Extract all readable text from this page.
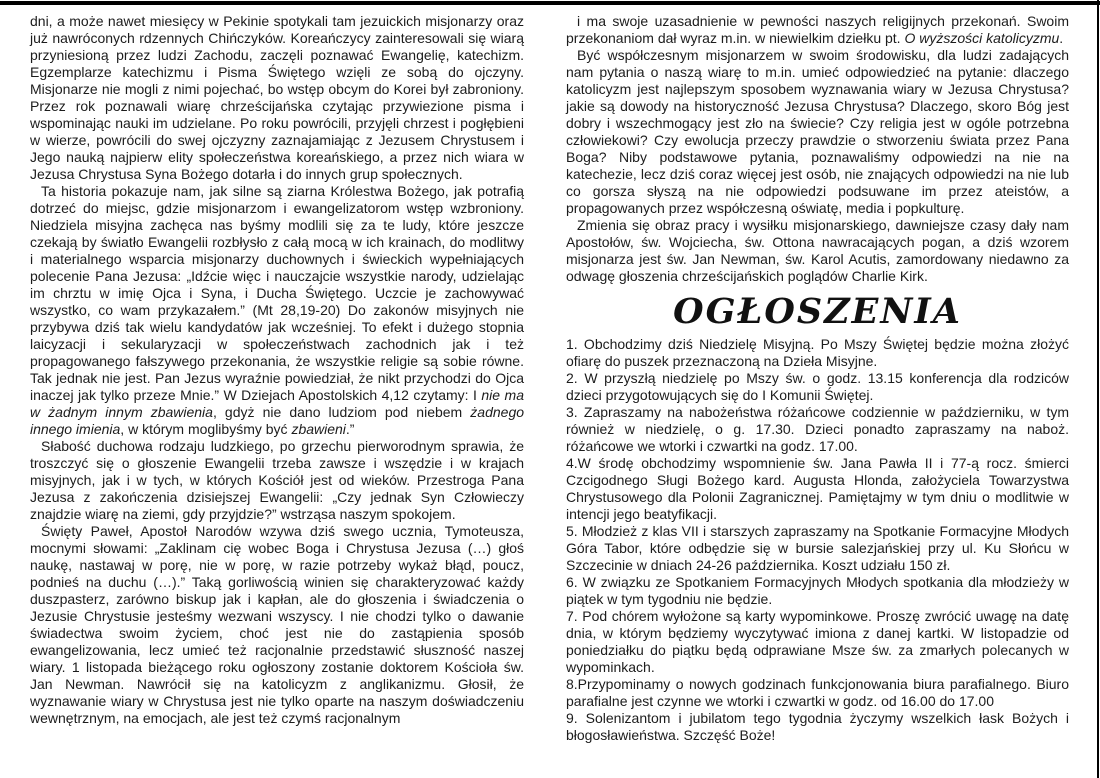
dni, a może nawet miesięcy w Pekinie spotykali tam jezuickich misjonarzy oraz już nawróconych rdzennych Chińczyków. Koreańczycy zainteresowali się wiarą przyniesioną przez ludzi Zachodu, zaczęli poznawać Ewangelię, katechizm. Egzemplarze katechizmu i Pisma Świętego wzięli ze sobą do ojczyny. Misjonarze nie mogli z nimi pojechać, bo wstęp obcym do Korei był zabroniony. Przez rok poznawali wiarę chrześcijańska czytając przywiezione pisma i wspominając nauki im udzielane. Po roku powrócili, przyjęli chrzest i pogłębieni w wierze, powrócili do swej ojczyzny zaznajamiając z Jezusem Chrystusem i Jego nauką najpierw elity społeczeństwa koreańskiego, a przez nich wiara w Jezusa Chrystusa Syna Bożego dotarła i do innych grup społecznych.

Ta historia pokazuje nam, jak silne są ziarna Królestwa Bożego, jak potrafią dotrzeć do miejsc, gdzie misjonarzom i ewangelizatorom wstęp wzbroniony. Niedziela misyjna zachęca nas byśmy modlili się za te ludy, które jeszcze czekają by światło Ewangelii rozbłysło z całą mocą w ich krainach, do modlitwy i materialnego wsparcia misjonarzy duchownych i świeckich wypełniających polecenie Pana Jezusa: „Idźcie więc i nauczajcie wszystkie narody, udzielając im chrztu w imię Ojca i Syna, i Ducha Świętego. Uczcie je zachowywać wszystko, co wam przykazałem.” (Mt 28,19-20) Do zakonów misyjnych nie przybywa dziś tak wielu kandydatów jak wcześniej. To efekt i dużego stopnia laicyzacji i sekularyzacji w społeczeństwach zachodnich jak i też propagowanego fałszywego przekonania, że wszystkie religie są sobie równe. Tak jednak nie jest. Pan Jezus wyraźnie powiedział, że nikt przychodzi do Ojca inaczej jak tylko przeze Mnie.” W Dziejach Apostolskich 4,12 czytamy: I nie ma w żadnym innym zbawienia, gdyż nie dano ludziom pod niebem żadnego innego imienia, w którym moglibyśmy być zbawieni.”

Słabość duchowa rodzaju ludzkiego, po grzechu pierworodnym sprawia, że troszczyć się o głoszenie Ewangelii trzeba zawsze i wszędzie i w krajach misyjnych, jak i w tych, w których Kościół jest od wieków. Przestroga Pana Jezusa z zakończenia dzisiejszej Ewangelii: „Czy jednak Syn Człowieczy znajdzie wiarę na ziemi, gdy przyjdzie?” wstrząsa naszym spokojem.

Święty Paweł, Apostoł Narodów wzywa dziś swego ucznia, Tymoteusza, mocnymi słowami: „Zaklinam cię wobec Boga i Chrystusa Jezusa (…) głoś naukę, nastawaj w porę, nie w porę, w razie potrzeby wykaż błąd, poucz, podnieś na duchu (…).” Taką gorliwością winien się charakteryzować każdy duszpasterz, zarówno biskup jak i kapłan, ale do głoszenia i świadczenia o Jezusie Chrystusie jesteśmy wezwani wszyscy. I nie chodzi tylko o dawanie świadectwa swoim życiem, choć jest nie do zastąpienia sposób ewangelizowania, lecz umieć też racjonalnie przedstawić słuszność naszej wiary. 1 listopada bieżącego roku ogłoszony zostanie doktorem Kościoła św. Jan Newman. Nawrócił się na katolicyzm z anglikanizmu. Głosił, że wyznawanie wiary w Chrystusa jest nie tylko oparte na naszym doświadczeniu wewnętrznym, na emocjach, ale jest też czymś racjonalnym

i ma swoje uzasadnienie w pewności naszych religijnych przekonań. Swoim przekonaniom dał wyraz m.in. w niewielkim dziełku pt. O wyższości katolicyzmu.

Być współczesnym misjonarzem w swoim środowisku, dla ludzi zadających nam pytania o naszą wiarę to m.in. umieć odpowiedzieć na pytanie: dlaczego katolicyzm jest najlepszym sposobem wyznawania wiary w Jezusa Chrystusa? jakie są dowody na historyczność Jezusa Chrystusa? Dlaczego, skoro Bóg jest dobry i wszechmogący jest zło na świecie? Czy religia jest w ogóle potrzebna człowiekowi? Czy ewolucja przeczy prawdzie o stworzeniu świata przez Pana Boga? Niby podstawowe pytania, poznawaliśmy odpowiedzi na nie na katechezie, lecz dziś coraz więcej jest osób, nie znających odpowiedzi na nie lub co gorsza słyszą na nie odpowiedzi podsuwane im przez ateistów, a propagowanych przez współczesną oświatę, media i popkulturę.

Zmienia się obraz pracy i wysiłku misjonarskiego, dawniejsze czasy dały nam Apostołów, św. Wojciecha, św. Ottona nawracających pogan, a dziś wzorem misjonarza jest św. Jan Newman, św. Karol Acutis, zamordowany niedawno za odwagę głoszenia chrześcijańskich poglądów Charlie Kirk.

OGŁOSZENIA

1. Obchodzimy dziś Niedzielę Misyjną. Po Mszy Świętej będzie można złożyć ofiarę do puszek przeznaczoną na Dzieła Misyjne.

2. W przyszłą niedzielę po Mszy św. o godz. 13.15 konferencja dla rodziców dzieci przygotowujących się do I Komunii Świętej.

3. Zapraszamy na nabożeństwa różańcowe codziennie w październiku, w tym również w niedzielę, o g. 17.30. Dzieci ponadto zapraszamy na naboż. różańcowe we wtorki i czwartki na godz. 17.00.

4.W środę obchodzimy wspomnienie św. Jana Pawła II i 77-ą rocz. śmierci Czcigodnego Sługi Bożego kard. Augusta Hlonda, założyciela Towarzystwa Chrystusowego dla Polonii Zagranicznej. Pamiętajmy w tym dniu o modlitwie w intencji jego beatyfikacji.

5. Młodzież z klas VII i starszych zapraszamy na Spotkanie Formacyjne Młodych Góra Tabor, które odbędzie się w bursie salezjańskiej przy ul. Ku Słońcu w Szczecinie w dniach 24-26 października. Koszt udziału 150 zł.

6. W związku ze Spotkaniem Formacyjnych Młodych spotkania dla młodzieży w piątek w tym tygodniu nie będzie.

7. Pod chórem wyłożone są karty wypominkowe. Proszę zwrócić uwagę na datę dnia, w którym będziemy wyczytywać imiona z danej kartki. W listopadzie od poniedziałku do piątku będą odprawiane Msze św. za zmarłych polecanych w wypominkach.

8.Przypominamy o nowych godzinach funkcjonowania biura parafialnego. Biuro parafialne jest czynne we wtorki i czwartki w godz. od 16.00 do 17.00

9. Solenizantom i jubilatom tego tygodnia życzymy wszelkich łask Bożych i błogosławieństwa. Szczęść Boże!
